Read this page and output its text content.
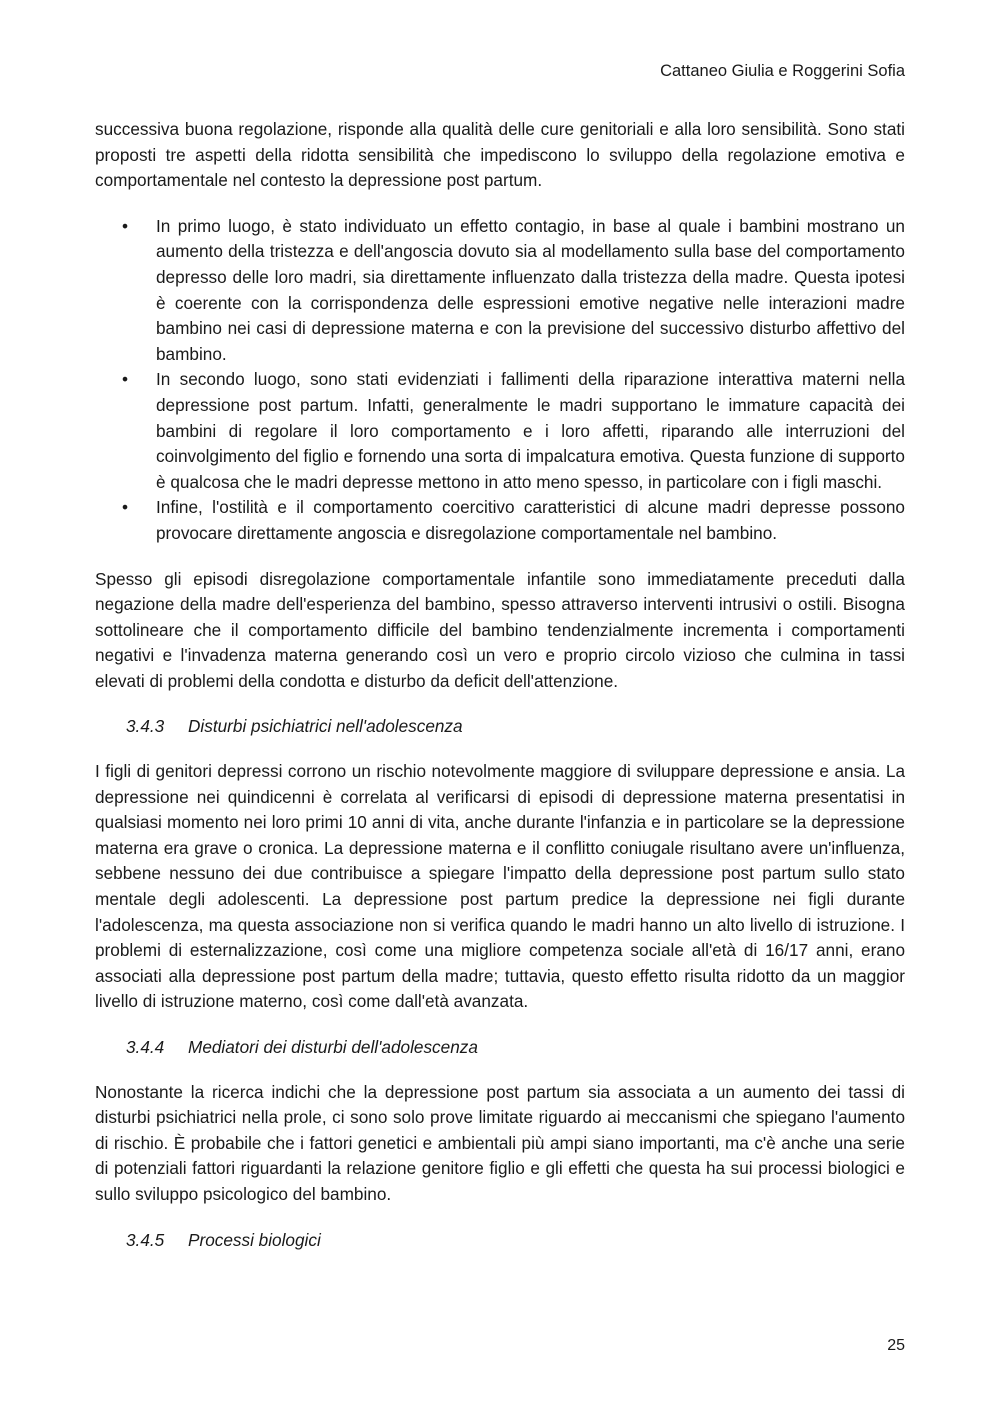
Cattaneo Giulia e Roggerini Sofia

successiva buona regolazione, risponde alla qualità delle cure genitoriali e alla loro sensibilità. Sono stati proposti tre aspetti della ridotta sensibilità che impediscono lo sviluppo della regolazione emotiva e comportamentale nel contesto la depressione post partum.

• In primo luogo, è stato individuato un effetto contagio, in base al quale i bambini mostrano un aumento della tristezza e dell'angoscia dovuto sia al modellamento sulla base del comportamento depresso delle loro madri, sia direttamente influenzato dalla tristezza della madre. Questa ipotesi è coerente con la corrispondenza delle espressioni emotive negative nelle interazioni madre bambino nei casi di depressione materna e con la previsione del successivo disturbo affettivo del bambino.
• In secondo luogo, sono stati evidenziati i fallimenti della riparazione interattiva materni nella depressione post partum. Infatti, generalmente le madri supportano le immature capacità dei bambini di regolare il loro comportamento e i loro affetti, riparando alle interruzioni del coinvolgimento del figlio e fornendo una sorta di impalcatura emotiva. Questa funzione di supporto è qualcosa che le madri depresse mettono in atto meno spesso, in particolare con i figli maschi.
• Infine, l'ostilità e il comportamento coercitivo caratteristici di alcune madri depresse possono provocare direttamente angoscia e disregolazione comportamentale nel bambino.

Spesso gli episodi disregolazione comportamentale infantile sono immediatamente preceduti dalla negazione della madre dell'esperienza del bambino, spesso attraverso interventi intrusivi o ostili. Bisogna sottolineare che il comportamento difficile del bambino tendenzialmente incrementa i comportamenti negativi e l'invadenza materna generando così un vero e proprio circolo vizioso che culmina in tassi elevati di problemi della condotta e disturbo da deficit dell'attenzione.

3.4.3	Disturbi psichiatrici nell'adolescenza

I figli di genitori depressi corrono un rischio notevolmente maggiore di sviluppare depressione e ansia. La depressione nei quindicenni è correlata al verificarsi di episodi di depressione materna presentatisi in qualsiasi momento nei loro primi 10 anni di vita, anche durante l'infanzia e in particolare se la depressione materna era grave o cronica. La depressione materna e il conflitto coniugale risultano avere un'influenza, sebbene nessuno dei due contribuisce a spiegare l'impatto della depressione post partum sullo stato mentale degli adolescenti. La depressione post partum predice la depressione nei figli durante l'adolescenza, ma questa associazione non si verifica quando le madri hanno un alto livello di istruzione. I problemi di esternalizzazione, così come una migliore competenza sociale all'età di 16/17 anni, erano associati alla depressione post partum della madre; tuttavia, questo effetto risulta ridotto da un maggior livello di istruzione materno, così come dall'età avanzata.

3.4.4	Mediatori dei disturbi dell'adolescenza

Nonostante la ricerca indichi che la depressione post partum sia associata a un aumento dei tassi di disturbi psichiatrici nella prole, ci sono solo prove limitate riguardo ai meccanismi che spiegano l'aumento di rischio. È probabile che i fattori genetici e ambientali più ampi siano importanti, ma c'è anche una serie di potenziali fattori riguardanti la relazione genitore figlio e gli effetti che questa ha sui processi biologici e sullo sviluppo psicologico del bambino.

3.4.5	Processi biologici
25
